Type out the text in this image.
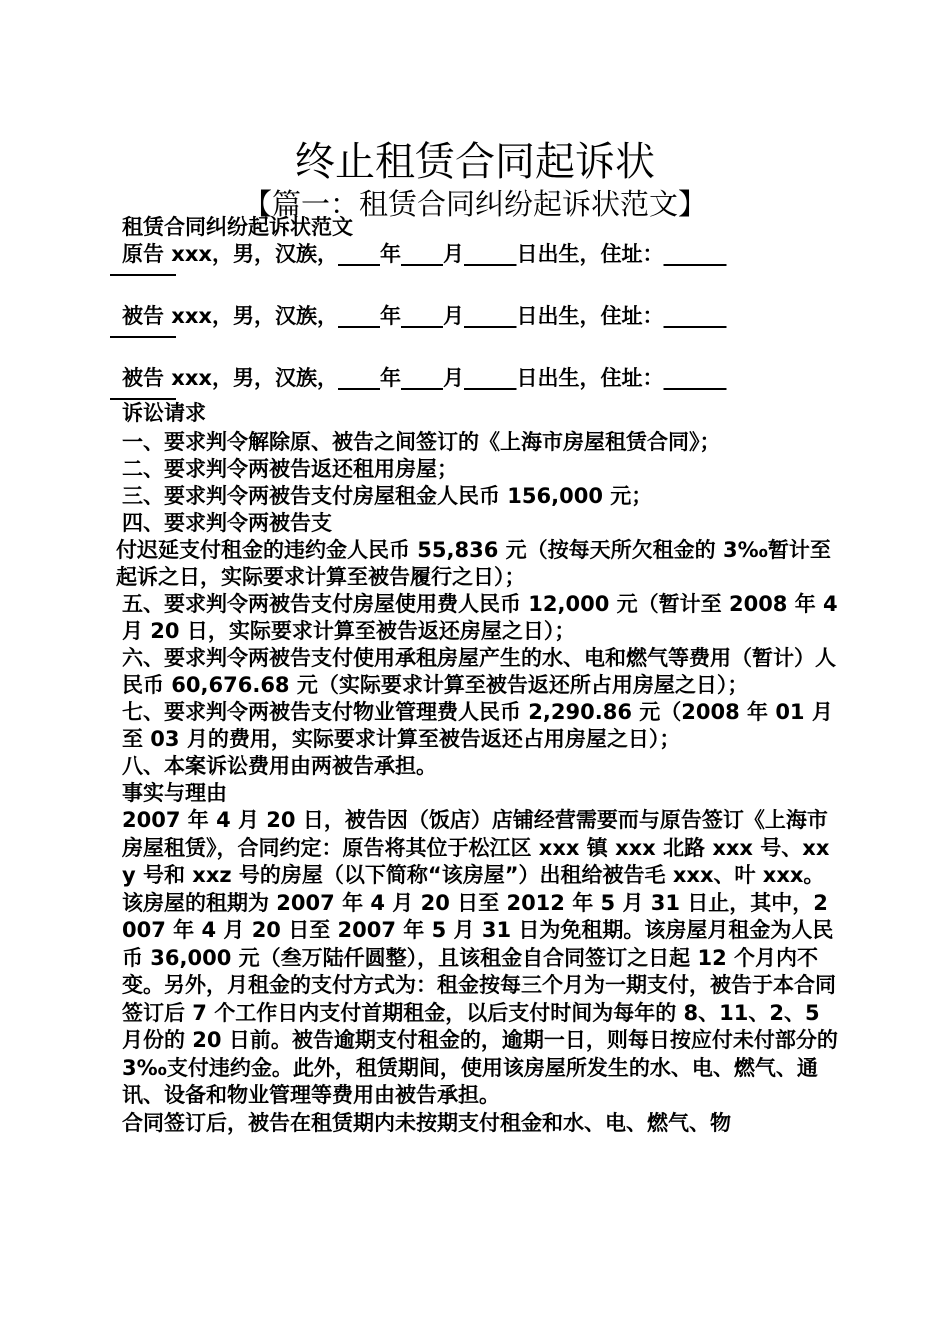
终止租赁合同起诉状
【篇一：租赁合同纠纷起诉状范文】

租赁合同纠纷起诉状范文

原告 xxx，男，汉族，____年____月_____日出生，住址：______

被告 xxx，男，汉族，____年____月_____日出生，住址：______

被告 xxx，男，汉族，____年____月_____日出生，住址：______

诉讼请求

一、要求判令解除原、被告之间签订的《上海市房屋租赁合同》；

二、要求判令两被告返还租用房屋；

三、要求判令两被告支付房屋租金人民币 156,000 元；

四、要求判令两被告支

付迟延支付租金的违约金人民币 55,836 元（按每天所欠租金的 3‰暂计至起诉之日，实际要求计算至被告履行之日）；

五、要求判令两被告支付房屋使用费人民币 12,000 元（暂计至 2008 年 4 月 20 日，实际要求计算至被告返还房屋之日）；

六、要求判令两被告支付使用承租房屋产生的水、电和燃气等费用（暂计）人民币 60,676.68 元（实际要求计算至被告返还所占用房屋之日）；

七、要求判令两被告支付物业管理费人民币 2,290.86 元（2008 年 01 月至 03 月的费用，实际要求计算至被告返还占用房屋之日）；

八、本案诉讼费用由两被告承担。

事实与理由

2007 年 4 月 20 日，被告因（饭店）店铺经营需要而与原告签订《上海市房屋租赁》，合同约定：原告将其位于松江区 xxx 镇 xxx 北路 xxx 号、xxy 号和 xxz 号的房屋（以下简称“该房屋”）出租给被告毛 xxx、叶 xxx。该房屋的租期为 2007 年 4 月 20 日至 2012 年 5 月 31 日止，其中，2007 年 4 月 20 日至 2007 年 5 月 31 日为免租期。该房屋月租金为人民币 36,000 元（叁万陆仟圆整），且该租金自合同签订之日起 12 个月内不变。另外，月租金的支付方式为：租金按每三个月为一期支付，被告于本合同签订后 7 个工作日内支付首期租金，以后支付时间为每年的 8、11、2、5 月份的 20 日前。被告逾期支付租金的，逾期一日，则每日按应付未付部分的 3‰支付违约金。此外，租赁期间，使用该房屋所发生的水、电、燃气、通讯、设备和物业管理等费用由被告承担。

合同签订后，被告在租赁期内未按期支付租金和水、电、燃气、物
